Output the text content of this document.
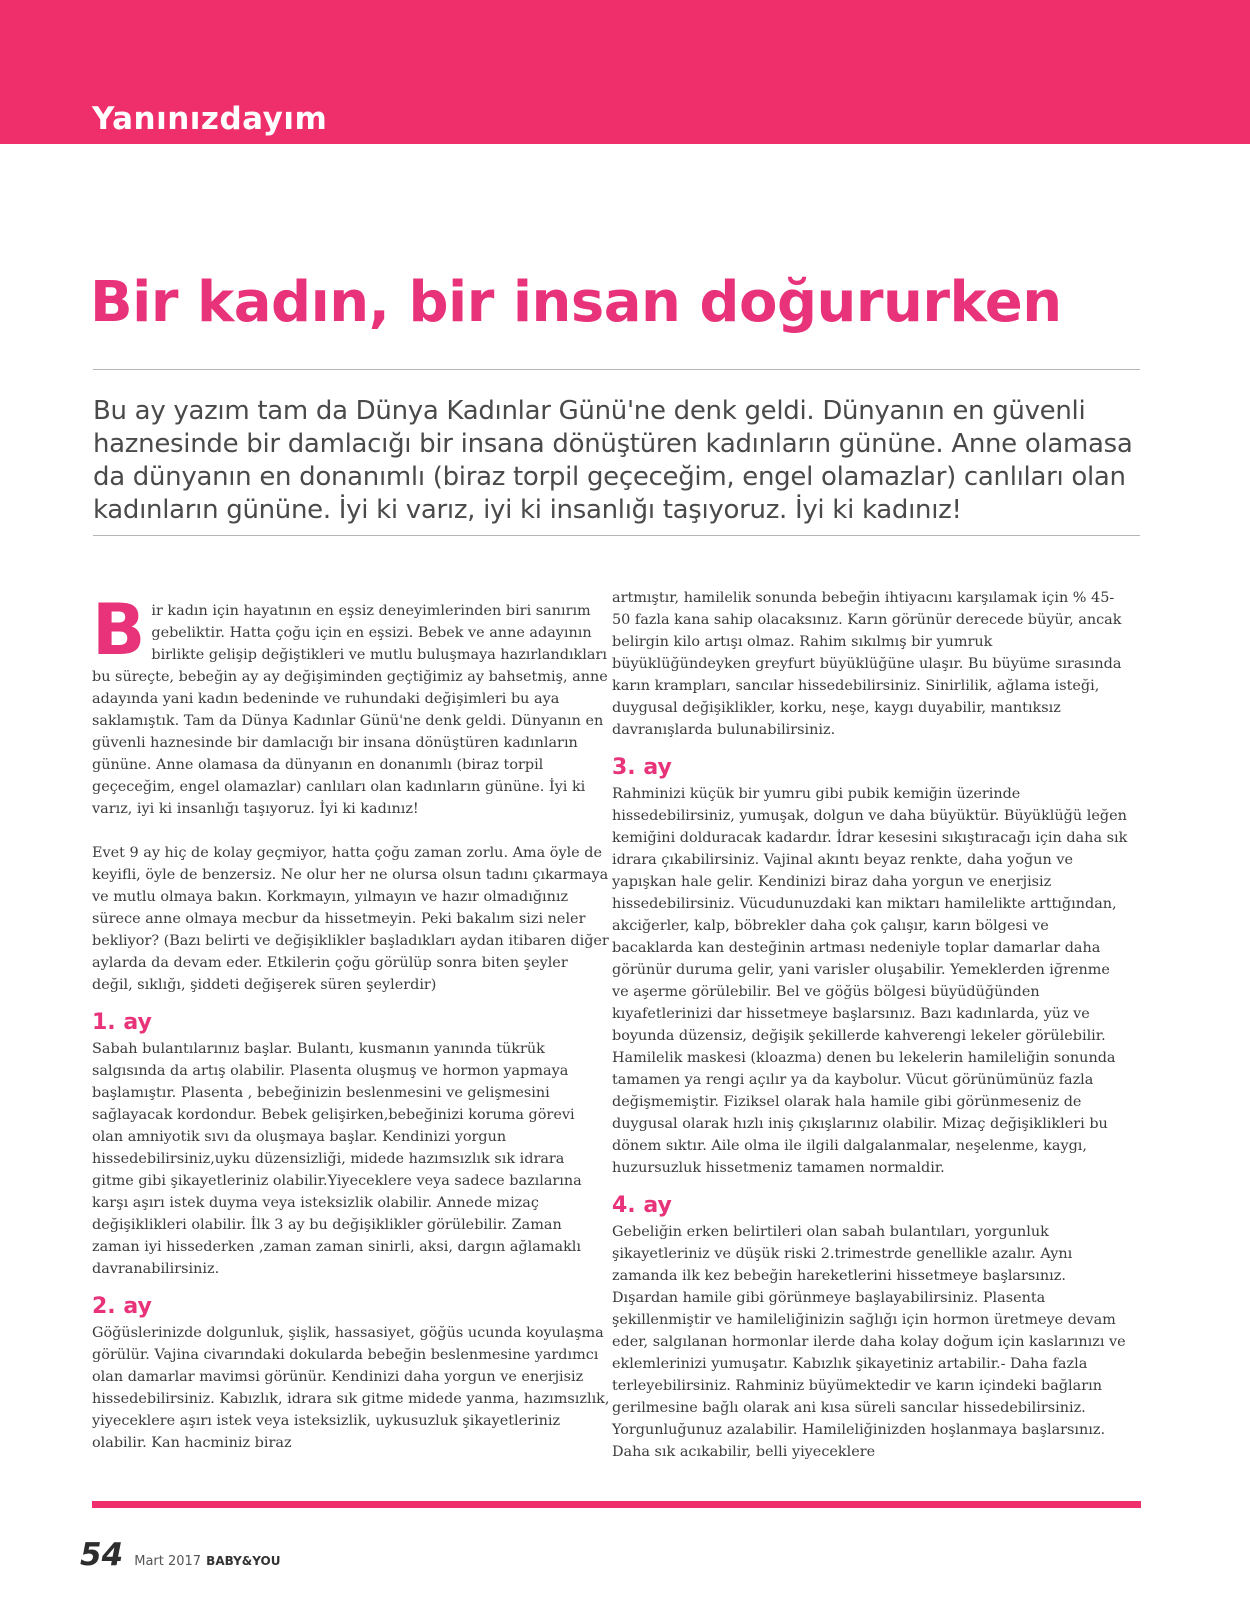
Yanınızdayım
Bir kadın, bir insan doğururken
Bu ay yazım tam da Dünya Kadınlar Günü'ne denk geldi. Dünyanın en güvenli haznesinde bir damlacığı bir insana dönüştüren kadınların gününe. Anne olamasa da dünyanın en donanımlı (biraz torpil geçeceğim, engel olamazlar) canlıları olan kadınların gününe. İyi ki varız, iyi ki insanlığı taşıyoruz. İyi ki kadınız!

Bir kadın için hayatının en eşsiz deneyimlerinden biri sanırım gebeliktir. Hatta çoğu için en eşsizi. Bebek ve anne adayının birlikte gelişip değiştikleri ve mutlu buluşmaya hazırlandıkları bu süreçte, bebeğin ay ay değişiminden geçtiğimiz ay bahsetmiş, anne adayında yani kadın bedeninde ve ruhundaki değişimleri bu aya saklamıştık. Tam da Dünya Kadınlar Günü'ne denk geldi. Dünyanın en güvenli haznesinde bir damlacığı bir insana dönüştüren kadınların gününe. Anne olamasa da dünyanın en donanımlı (biraz torpil geçeceğim, engel olamazlar) canlıları olan kadınların gününe. İyi ki varız, iyi ki insanlığı taşıyoruz. İyi ki kadınız!

Evet 9 ay hiç de kolay geçmiyor, hatta çoğu zaman zorlu. Ama öyle de keyifli, öyle de benzersiz. Ne olur her ne olursa olsun tadını çıkarmaya ve mutlu olmaya bakın. Korkmayın, yılmayın ve hazır olmadığınız sürece anne olmaya mecbur da hissetmeyin. Peki bakalım sizi neler bekliyor? (Bazı belirti ve değişiklikler başladıkları aydan itibaren diğer aylarda da devam eder. Etkilerin çoğu görülüp sonra biten şeyler değil, sıklığı, şiddeti değişerek süren şeylerdir)

1. ay

Sabah bulantılarınız başlar. Bulantı, kusmanın yanında tükrük salgısında da artış olabilir. Plasenta oluşmuş ve hormon yapmaya başlamıştır. Plasenta , bebeğinizin beslenmesini ve gelişmesini sağlayacak kordondur. Bebek gelişirken,bebeğinizi koruma görevi olan amniyotik sıvı da oluşmaya başlar. Kendinizi yorgun hissedebilirsiniz,uyku düzensizliği, midede hazımsızlık sık idrara gitme gibi şikayetleriniz olabilir.Yiyeceklere veya sadece bazılarına karşı aşırı istek duyma veya isteksizlik olabilir. Annede mizaç değişiklikleri olabilir. İlk 3 ay bu değişiklikler görülebilir. Zaman zaman iyi hissederken ,zaman zaman sinirli, aksi, dargın ağlamaklı davranabilirsiniz.

2. ay

Göğüslerinizde dolgunluk, şişlik, hassasiyet, göğüs ucunda koyulaşma görülür. Vajina civarındaki dokularda bebeğin beslenmesine yardımcı olan damarlar mavimsi görünür. Kendinizi daha yorgun ve enerjisiz hissedebilirsiniz. Kabızlık, idrara sık gitme midede yanma, hazımsızlık, yiyeceklere aşırı istek veya isteksizlik, uykusuzluk şikayetleriniz olabilir. Kan hacminiz biraz

artmıştır, hamilelik sonunda bebeğin ihtiyacını karşılamak için % 45- 50 fazla kana sahip olacaksınız. Karın görünür derecede büyür, ancak belirgin kilo artışı olmaz. Rahim sıkılmış bir yumruk büyüklüğündeyken greyfurt büyüklüğüne ulaşır. Bu büyüme sırasında karın krampları, sancılar hissedebilirsiniz. Sinirlilik, ağlama isteği, duygusal değişiklikler, korku, neşe, kaygı duyabilir, mantıksız davranışlarda bulunabilirsiniz.

3. ay

Rahminizi küçük bir yumru gibi pubik kemiğin üzerinde hissedebilirsiniz, yumuşak, dolgun ve daha büyüktür. Büyüklüğü leğen kemiğini dolduracak kadardır. İdrar kesesini sıkıştıracağı için daha sık idrara çıkabilirsiniz. Vajinal akıntı beyaz renkte, daha yoğun ve yapışkan hale gelir. Kendinizi biraz daha yorgun ve enerjisiz hissedebilirsiniz. Vücudunuzdaki kan miktarı hamilelikte arttığından, akciğerler, kalp, böbrekler daha çok çalışır, karın bölgesi ve bacaklarda kan desteğinin artması nedeniyle toplar damarlar daha görünür duruma gelir, yani varisler oluşabilir. Yemeklerden iğrenme ve aşerme görülebilir. Bel ve göğüs bölgesi büyüdüğünden kıyafetlerinizi dar hissetmeye başlarsınız. Bazı kadınlarda, yüz ve boyunda düzensiz, değişik şekillerde kahverengi lekeler görülebilir. Hamilelik maskesi (kloazma) denen bu lekelerin hamileliğin sonunda tamamen ya rengi açılır ya da kaybolur. Vücut görünümünüz fazla değişmemiştir. Fiziksel olarak hala hamile gibi görünmeseniz de duygusal olarak hızlı iniş çıkışlarınız olabilir. Mizaç değişiklikleri bu dönem sıktır. Aile olma ile ilgili dalgalanmalar, neşelenme, kaygı, huzursuzluk hissetmeniz tamamen normaldir.

4. ay

Gebeliğin erken belirtileri olan sabah bulantıları, yorgunluk şikayetleriniz ve düşük riski 2.trimestrde genellikle azalır. Aynı zamanda ilk kez bebeğin hareketlerini hissetmeye başlarsınız. Dışardan hamile gibi görünmeye başlayabilirsiniz. Plasenta şekillenmiştir ve hamileliğinizin sağlığı için hormon üretmeye devam eder, salgılanan hormonlar ilerde daha kolay doğum için kaslarınızı ve eklemlerinizi yumuşatır. Kabızlık şikayetiniz artabilir.- Daha fazla terleyebilirsiniz. Rahminiz büyümektedir ve karın içindeki bağların gerilmesine bağlı olarak ani kısa süreli sancılar hissedebilirsiniz. Yorgunluğunuz azalabilir. Hamileliğinizden hoşlanmaya başlarsınız. Daha sık acıkabilir, belli yiyeceklere

54 Mart 2017 BABY&YOU
